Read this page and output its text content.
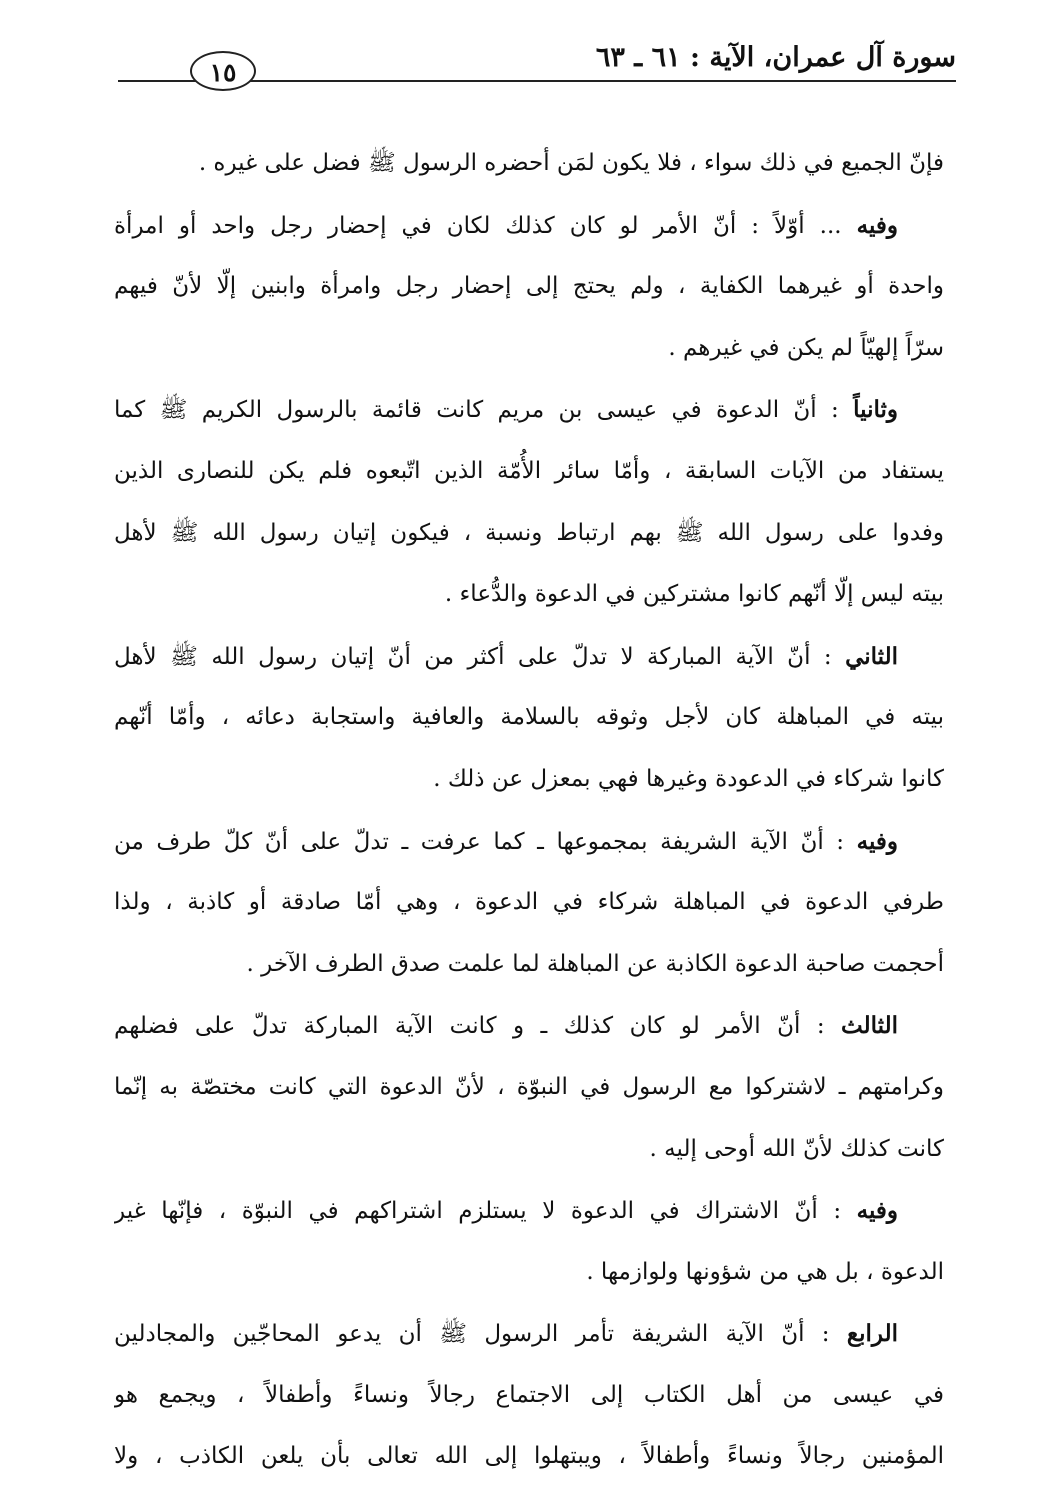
سورة آل عمران، الآية : ٦١ ـ ٦٣
١٥
فإنّ الجميع في ذلك سواء ، فلا يكون لمَن أحضره الرسول ﷺ فضل على غيره .
وفيه ... أوّلاً : أنّ الأمر لو كان كذلك لكان في إحضار رجل واحد أو امرأة
واحدة أو غيرهما الكفاية ، ولم يحتج إلى إحضار رجل وامرأة وابنين إلّا لأنّ فيهم
سرّاً إلهيّاً لم يكن في غيرهم .
وثانياً : أنّ الدعوة في عيسى بن مريم كانت قائمة بالرسول الكريم ﷺ كما
يستفاد من الآيات السابقة ، وأمّا سائر الأُمّة الذين اتّبعوه فلم يكن للنصارى الذين
وفدوا على رسول الله ﷺ بهم ارتباط ونسبة ، فيكون إتيان رسول الله ﷺ لأهل
بيته ليس إلّا أنّهم كانوا مشتركين في الدعوة والدُّعاء .
الثاني : أنّ الآية المباركة لا تدلّ على أكثر من أنّ إتيان رسول الله ﷺ لأهل
بيته في المباهلة كان لأجل وثوقه بالسلامة والعافية واستجابة دعائه ، وأمّا أنّهم
كانوا شركاء في الدعودة وغيرها فهي بمعزل عن ذلك .
وفيه : أنّ الآية الشريفة بمجموعها ـ كما عرفت ـ تدلّ على أنّ كلّ طرف من
طرفي الدعوة في المباهلة شركاء في الدعوة ، وهي أمّا صادقة أو كاذبة ، ولذا
أحجمت صاحبة الدعوة الكاذبة عن المباهلة لما علمت صدق الطرف الآخر .
الثالث : أنّ الأمر لو كان كذلك ـ و كانت الآية المباركة تدلّ على فضلهم
وكرامتهم ـ لاشتركوا مع الرسول في النبوّة ، لأنّ الدعوة التي كانت مختصّة به إنّما
كانت كذلك لأنّ الله أوحى إليه .
وفيه : أنّ الاشتراك في الدعوة لا يستلزم اشتراكهم في النبوّة ، فإنّها غير
الدعوة ، بل هي من شؤونها ولوازمها .
الرابع : أنّ الآية الشريفة تأمر الرسول ﷺ أن يدعو المحاجّين والمجادلين
في عيسى من أهل الكتاب إلى الاجتماع رجالاً ونساءً وأطفالاً ، ويجمع هو
المؤمنين رجالاً ونساءً وأطفالاً ، ويبتهلوا إلى الله تعالى بأن يلعن الكاذب ، ولا
